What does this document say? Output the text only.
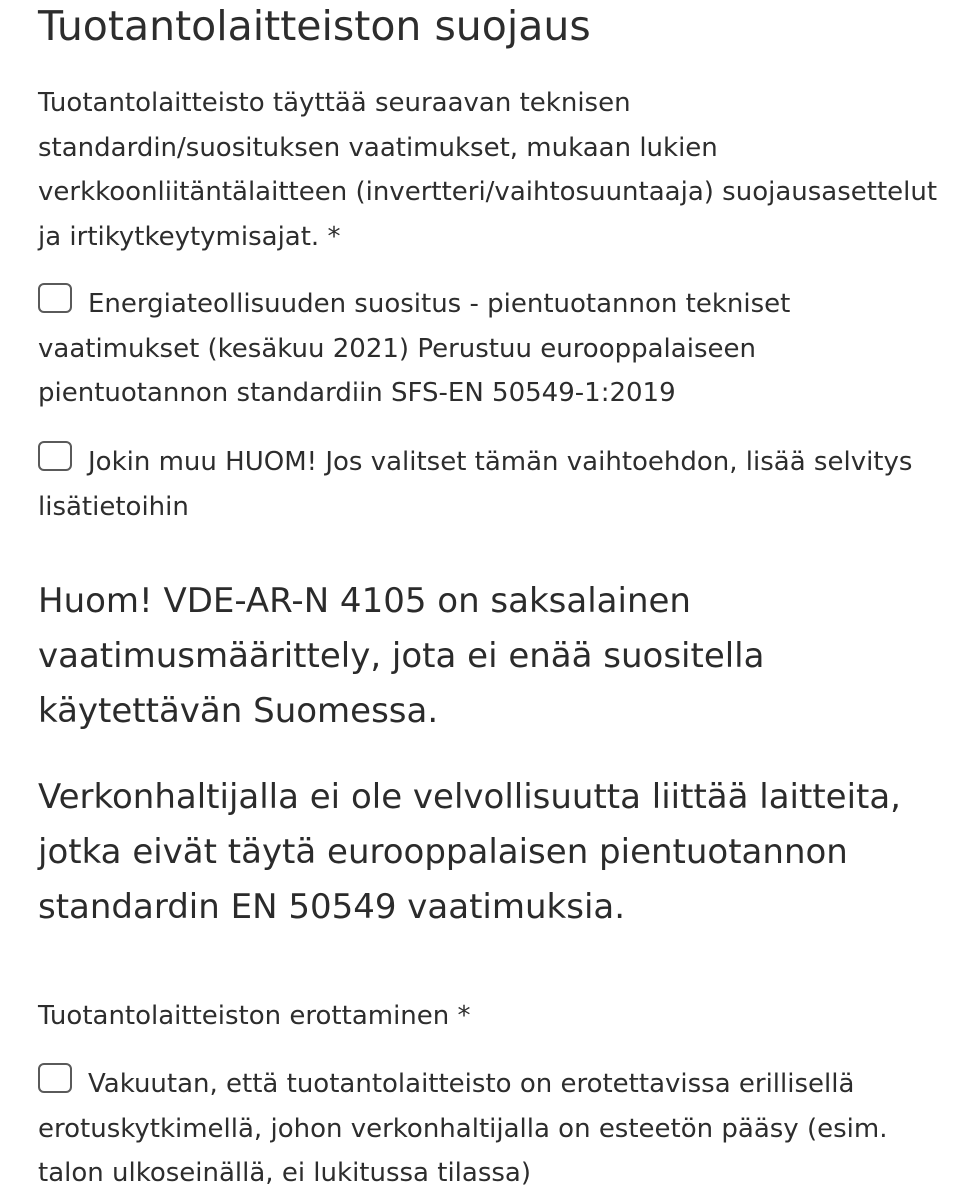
Tuotantolaitteiston suojaus

Tuotantolaitteisto täyttää seuraavan teknisen standardin/suosituksen vaatimukset, mukaan lukien verkkoonliitäntälaitteen (invertteri/vaihtosuuntaaja) suojausasettelut ja irtikytkeytymisajat. *

Energiateollisuuden suositus - pientuotannon tekniset vaatimukset (kesäkuu 2021) Perustuu eurooppalaiseen pientuotannon standardiin SFS-EN 50549-1:2019
Jokin muu HUOM! Jos valitset tämän vaihtoehdon, lisää selvitys lisätietoihin

Huom! VDE-AR-N 4105 on saksalainen vaatimusmäärittely, jota ei enää suositella käytettävän Suomessa.

Verkonhaltijalla ei ole velvollisuutta liittää laitteita, jotka eivät täytä eurooppalaisen pientuotannon standardin EN 50549 vaatimuksia.

Tuotantolaitteiston erottaminen *

Vakuutan, että tuotantolaitteisto on erotettavissa erillisellä erotuskytkimellä, johon verkonhaltijalla on esteetön pääsy (esim. talon ulkoseinällä, ei lukitussa tilassa)
